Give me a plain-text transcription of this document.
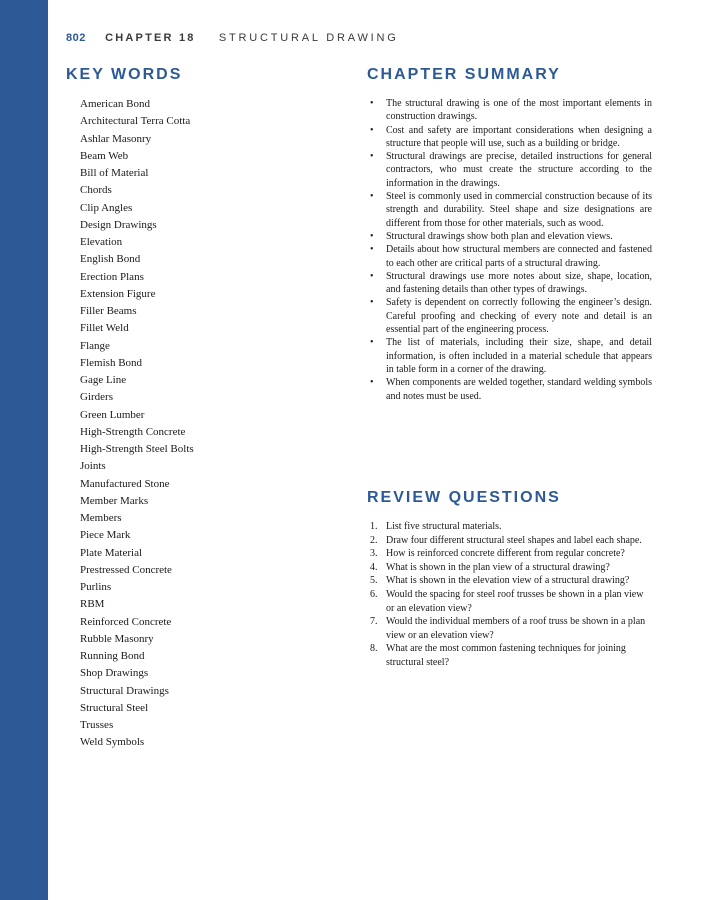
802 CHAPTER 18 STRUCTURAL DRAWING
KEY WORDS
American Bond
Architectural Terra Cotta
Ashlar Masonry
Beam Web
Bill of Material
Chords
Clip Angles
Design Drawings
Elevation
English Bond
Erection Plans
Extension Figure
Filler Beams
Fillet Weld
Flange
Flemish Bond
Gage Line
Girders
Green Lumber
High-Strength Concrete
High-Strength Steel Bolts
Joints
Manufactured Stone
Member Marks
Members
Piece Mark
Plate Material
Prestressed Concrete
Purlins
RBM
Reinforced Concrete
Rubble Masonry
Running Bond
Shop Drawings
Structural Drawings
Structural Steel
Trusses
Weld Symbols
CHAPTER SUMMARY
• The structural drawing is one of the most important elements in construction drawings.
• Cost and safety are important considerations when designing a structure that people will use, such as a building or bridge.
• Structural drawings are precise, detailed instructions for general contractors, who must create the structure according to the information in the drawings.
• Steel is commonly used in commercial construction because of its strength and durability. Steel shape and size designations are different from those for other materials, such as wood.
• Structural drawings show both plan and elevation views.
• Details about how structural members are connected and fastened to each other are critical parts of a structural drawing.
• Structural drawings use more notes about size, shape, location, and fastening details than other types of drawings.
• Safety is dependent on correctly following the engineer’s design. Careful proofing and checking of every note and detail is an essential part of the engineering process.
• The list of materials, including their size, shape, and detail information, is often included in a material schedule that appears in table form in a corner of the drawing.
• When components are welded together, standard welding symbols and notes must be used.
REVIEW QUESTIONS
1. List five structural materials.
2. Draw four different structural steel shapes and label each shape.
3. How is reinforced concrete different from regular concrete?
4. What is shown in the plan view of a structural drawing?
5. What is shown in the elevation view of a structural drawing?
6. Would the spacing for steel roof trusses be shown in a plan view or an elevation view?
7. Would the individual members of a roof truss be shown in a plan view or an elevation view?
8. What are the most common fastening techniques for joining structural steel?
